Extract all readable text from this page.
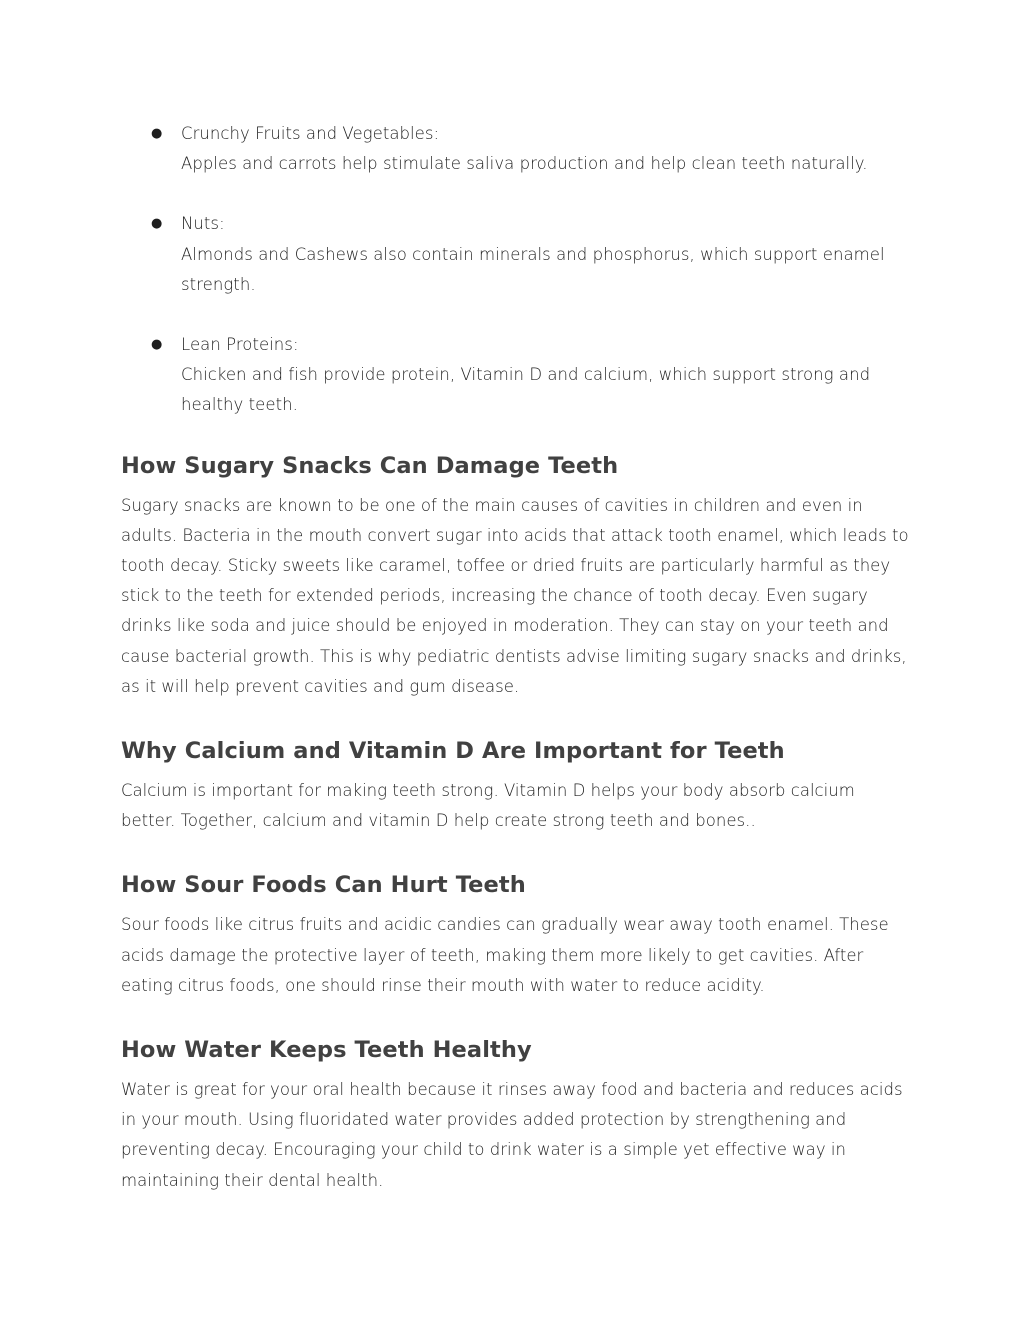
● Crunchy Fruits and Vegetables:
Apples and carrots help stimulate saliva production and help clean teeth naturally.
● Nuts:
Almonds and Cashews also contain minerals and phosphorus, which support enamel strength.
● Lean Proteins:
Chicken and fish provide protein, Vitamin D and calcium, which support strong and healthy teeth.
How Sugary Snacks Can Damage Teeth

Sugary snacks are known to be one of the main causes of cavities in children and even in adults. Bacteria in the mouth convert sugar into acids that attack tooth enamel, which leads to tooth decay. Sticky sweets like caramel, toffee or dried fruits are particularly harmful as they stick to the teeth for extended periods, increasing the chance of tooth decay. Even sugary drinks like soda and juice should be enjoyed in moderation. They can stay on your teeth and cause bacterial growth. This is why pediatric dentists advise limiting sugary snacks and drinks, as it will help prevent cavities and gum disease.

Why Calcium and Vitamin D Are Important for Teeth

Calcium is important for making teeth strong. Vitamin D helps your body absorb calcium better. Together, calcium and vitamin D help create strong teeth and bones..

How Sour Foods Can Hurt Teeth

Sour foods like citrus fruits and acidic candies can gradually wear away tooth enamel. These acids damage the protective layer of teeth, making them more likely to get cavities. After eating citrus foods, one should rinse their mouth with water to reduce acidity.

How Water Keeps Teeth Healthy

Water is great for your oral health because it rinses away food and bacteria and reduces acids in your mouth. Using fluoridated water provides added protection by strengthening and preventing decay. Encouraging your child to drink water is a simple yet effective way in maintaining their dental health.
